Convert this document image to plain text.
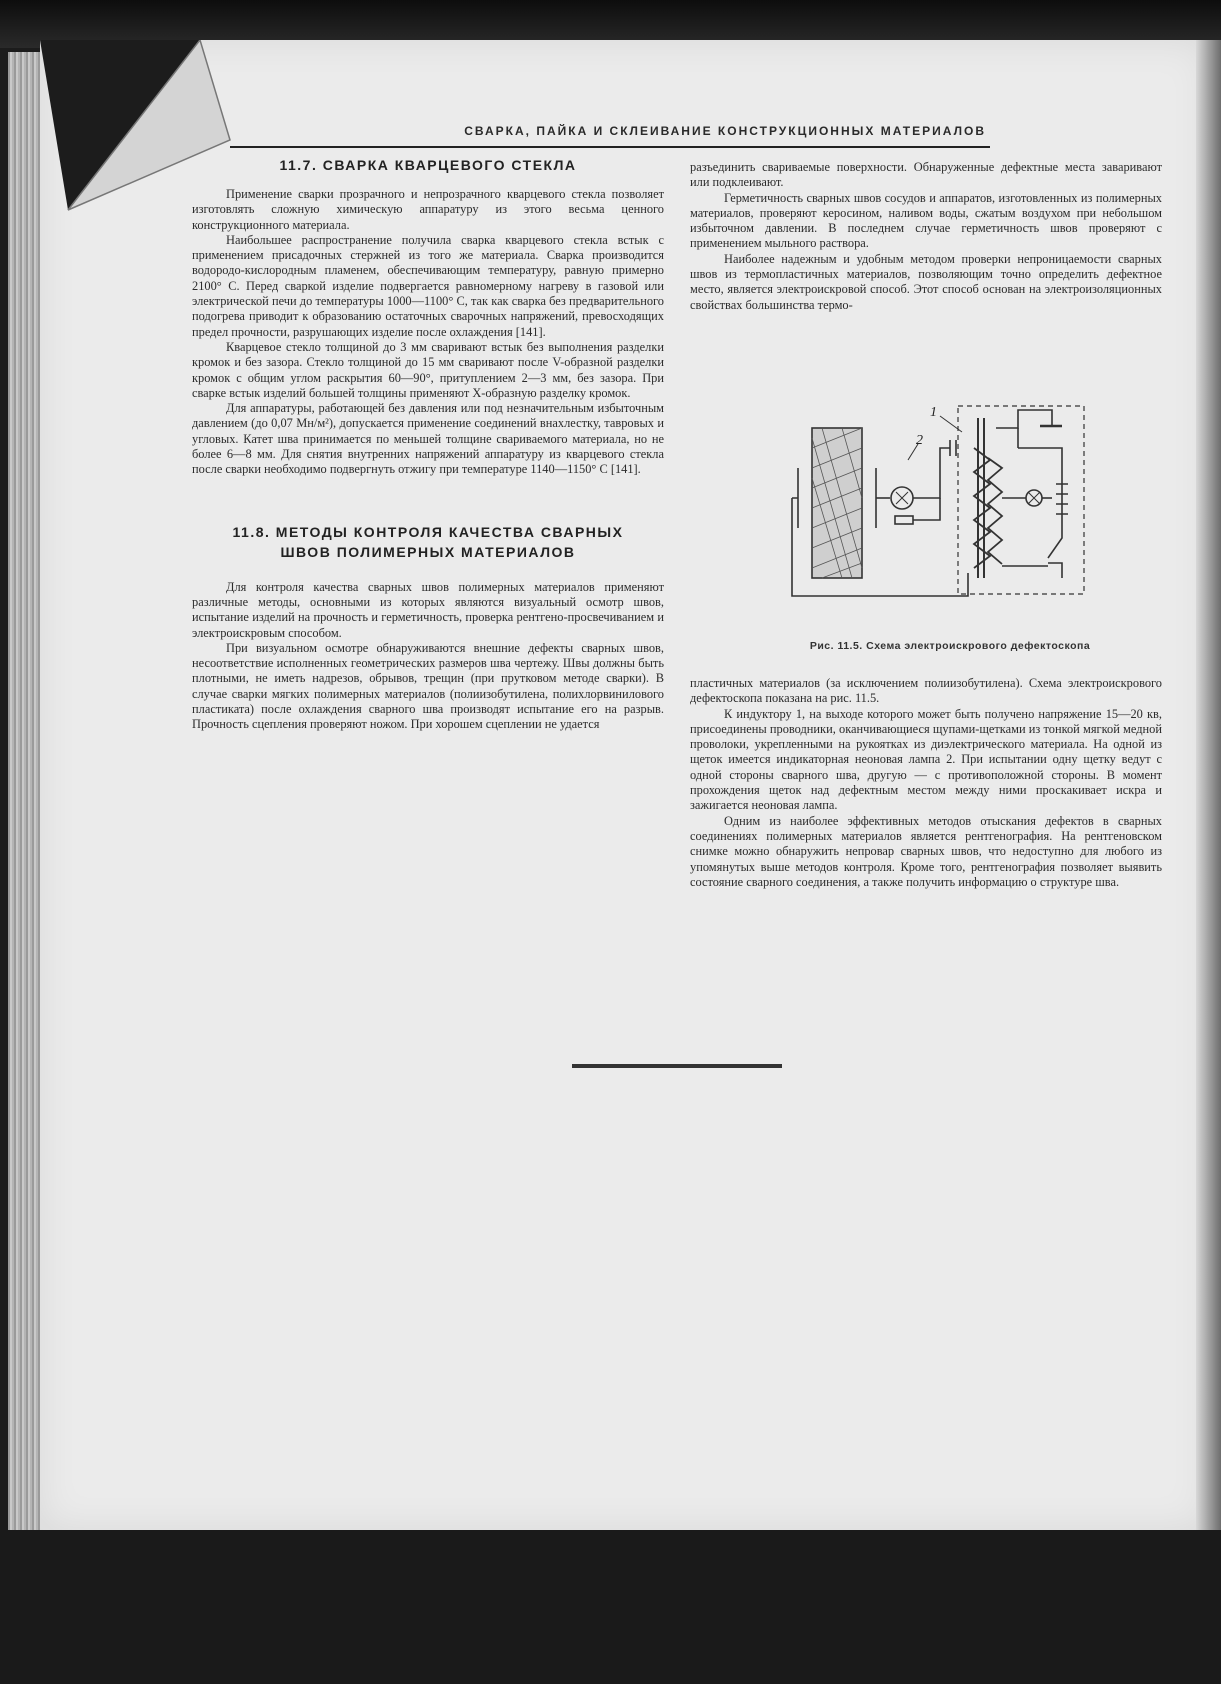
СВАРКА, ПАЙКА И СКЛЕИВАНИЕ КОНСТРУКЦИОННЫХ МАТЕРИАЛОВ
11.7. СВАРКА КВАРЦЕВОГО СТЕКЛА

Применение сварки прозрачного и непрозрачного кварцевого стекла позволяет изготовлять сложную химическую аппаратуру из этого весьма ценного конструкционного материала.

Наибольшее распространение получила сварка кварцевого стекла встык с применением присадочных стержней из того же материала. Сварка производится водородо-кислородным пламенем, обеспечивающим температуру, равную примерно 2100° С. Перед сваркой изделие подвергается равномерному нагреву в газовой или электрической печи до температуры 1000—1100° С, так как сварка без предварительного подогрева приводит к образованию остаточных сварочных напряжений, превосходящих предел прочности, разрушающих изделие после охлаждения [141].

Кварцевое стекло толщиной до 3 мм сваривают встык без выполнения разделки кромок и без зазора. Стекло толщиной до 15 мм сваривают после V-образной разделки кромок с общим углом раскрытия 60—90°, притуплением 2—3 мм, без зазора. При сварке встык изделий большей толщины применяют X-образную разделку кромок.

Для аппаратуры, работающей без давления или под незначительным избыточным давлением (до 0,07 Мн/м²), допускается применение соединений внахлестку, тавровых и угловых. Катет шва принимается по меньшей толщине свариваемого материала, но не более 6—8 мм. Для снятия внутренних напряжений аппаратуру из кварцевого стекла после сварки необходимо подвергнуть отжигу при температуре 1140—1150° С [141].

11.8. МЕТОДЫ КОНТРОЛЯ КАЧЕСТВА СВАРНЫХ ШВОВ ПОЛИМЕРНЫХ МАТЕРИАЛОВ

Для контроля качества сварных швов полимерных материалов применяют различные методы, основными из которых являются визуальный осмотр швов, испытание изделий на прочность и герметичность, проверка рентгено-просвечиванием и электроискровым способом.

При визуальном осмотре обнаруживаются внешние дефекты сварных швов, несоответствие исполненных геометрических размеров шва чертежу. Швы должны быть плотными, не иметь надрезов, обрывов, трещин (при прутковом методе сварки). В случае сварки мягких полимерных материалов (полиизобутилена, полихлорвинилового пластиката) после охлаждения сварного шва производят испытание его на разрыв. Прочность сцепления проверяют ножом. При хорошем сцеплении не удается

разъединить свариваемые поверхности. Обнаруженные дефектные места заваривают или подклеивают.

Герметичность сварных швов сосудов и аппаратов, изготовленных из полимерных материалов, проверяют керосином, наливом воды, сжатым воздухом при небольшом избыточном давлении. В последнем случае герметичность швов проверяют с применением мыльного раствора.

Наиболее надежным и удобным методом проверки непроницаемости сварных швов из термопластичных материалов, позволяющим точно определить дефектное место, является электроискровой способ. Этот способ основан на электроизоляционных свойствах большинства термо-

1
2
Рис. 11.5. Схема электроискрового дефектоскопа

пластичных материалов (за исключением полиизобутилена). Схема электроискрового дефектоскопа показана на рис. 11.5.

К индуктору 1, на выходе которого может быть получено напряжение 15—20 кв, присоединены проводники, оканчивающиеся щупами-щетками из тонкой мягкой медной проволоки, укрепленными на рукоятках из диэлектрического материала. На одной из щеток имеется индикаторная неоновая лампа 2. При испытании одну щетку ведут с одной стороны сварного шва, другую — с противоположной стороны. В момент прохождения щеток над дефектным местом между ними проскакивает искра и зажигается неоновая лампа.

Одним из наиболее эффективных методов отыскания дефектов в сварных соединениях полимерных материалов является рентгенография. На рентгеновском снимке можно обнаружить непровар сварных швов, что недоступно для любого из упомянутых выше методов контроля. Кроме того, рентгенография позволяет выявить состояние сварного соединения, а также получить информацию о структуре шва.
